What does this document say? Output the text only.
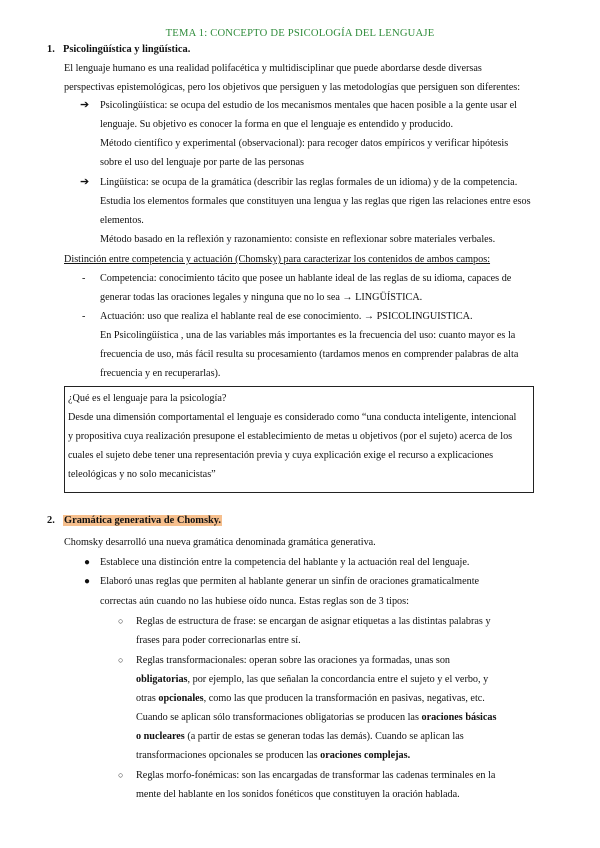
TEMA 1: CONCEPTO DE PSICOLOGÍA DEL LENGUAJE
1. Psicolingüística y lingüística.
El lenguaje humano es una realidad polifacética y multidisciplinar que puede abordarse desde diversas
perspectivas epistemológicas, pero los objetivos que persiguen y las metodologías que persiguen son diferentes:
➔ Psicolingüística: se ocupa del estudio de los mecanismos mentales que hacen posible a la gente usar el
lenguaje. Su objetivo es conocer la forma en que el lenguaje es entendido y producido.
Método científico y experimental (observacional): para recoger datos empíricos y verificar hipótesis
sobre el uso del lenguaje por parte de las personas
➔ Lingüística: se ocupa de la gramática (describir las reglas formales de un idioma) y de la competencia.
Estudia los elementos formales que constituyen una lengua y las reglas que rigen las relaciones entre esos
elementos.
Método basado en la reflexión y razonamiento: consiste en reflexionar sobre materiales verbales.
Distinción entre competencia y actuación (Chomsky) para caracterizar los contenidos de ambos campos:
- Competencia: conocimiento tácito que posee un hablante ideal de las reglas de su idioma, capaces de
generar todas las oraciones legales y ninguna que no lo sea → LINGÜÍSTICA.
- Actuación: uso que realiza el hablante real de ese conocimiento. → PSICOLINGUISTICA.
En Psicolingüística , una de las variables más importantes es la frecuencia del uso: cuanto mayor es la
frecuencia de uso, más fácil resulta su procesamiento (tardamos menos en comprender palabras de alta
frecuencia y en recuperarlas).
¿Qué es el lenguaje para la psicología?
Desde una dimensión comportamental el lenguaje es considerado como “una conducta inteligente, intencional
y propositiva cuya realización presupone el establecimiento de metas u objetivos (por el sujeto) acerca de los
cuales el sujeto debe tener una representación previa y cuya explicación exige el recurso a explicaciones
teleológicas y no solo mecanicistas”
2. Gramática generativa de Chomsky.
Chomsky desarrolló una nueva gramática denominada gramática generativa.
● Establece una distinción entre la competencia del hablante y la actuación real del lenguaje.
● Elaboró unas reglas que permiten al hablante generar un sinfín de oraciones gramaticalmente
correctas aún cuando no las hubiese oído nunca. Estas reglas son de 3 tipos:
○ Reglas de estructura de frase: se encargan de asignar etiquetas a las distintas palabras y
frases para poder correcionarlas entre sí.
○ Reglas transformacionales: operan sobre las oraciones ya formadas, unas son
obligatorias, por ejemplo, las que señalan la concordancia entre el sujeto y el verbo, y
otras opcionales, como las que producen la transformación en pasivas, negativas, etc.
Cuando se aplican sólo transformaciones obligatorias se producen las oraciones básicas
o nucleares (a partir de estas se generan todas las demás). Cuando se aplican las
transformaciones opcionales se producen las oraciones complejas.
○ Reglas morfo-fonémicas: son las encargadas de transformar las cadenas terminales en la
mente del hablante en los sonidos fonéticos que constituyen la oración hablada.
